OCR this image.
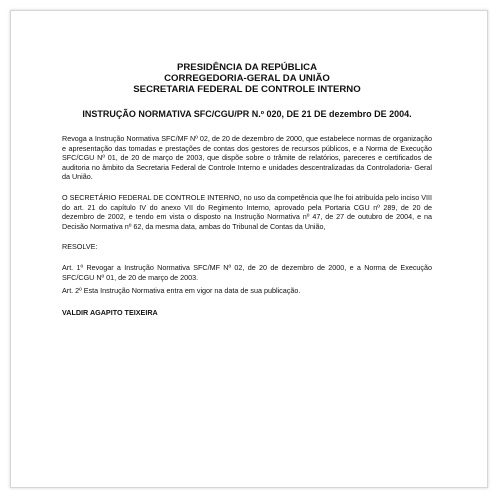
PRESIDÊNCIA DA REPÚBLICA
CORREGEDORIA-GERAL DA UNIÃO
SECRETARIA FEDERAL DE CONTROLE INTERNO
INSTRUÇÃO NORMATIVA SFC/CGU/PR N.º 020, DE 21 DE dezembro DE 2004.

Revoga a Instrução Normativa SFC/MF Nº 02, de 20 de dezembro de 2000, que estabelece normas de organização e apresentação das tomadas e prestações de contas dos gestores de recursos públicos, e a Norma de Execução SFC/CGU Nº 01, de 20 de março de 2003, que dispõe sobre o trâmite de relatórios, pareceres e certificados de auditoria no âmbito da Secretaria Federal de Controle Interno e unidades descentralizadas da Controladoria- Geral da União.

O SECRETÁRIO FEDERAL DE CONTROLE INTERNO, no uso da competência que lhe foi atribuída pelo inciso VIII do art. 21 do capítulo IV do anexo VII do Regimento Interno, aprovado pela Portaria CGU nº 289, de 20 de dezembro de 2002, e tendo em vista o disposto na Instrução Normativa nº 47, de 27 de outubro de 2004, e na Decisão Normativa nº 62, da mesma data, ambas do Tribunal de Contas da União,

RESOLVE:

Art. 1º Revogar a Instrução Normativa SFC/MF Nº 02, de 20 de dezembro de 2000, e a Norma de Execução SFC/CGU Nº 01, de 20 de março de 2003.

Art. 2º Esta Instrução Normativa entra em vigor na data de sua publicação.

VALDIR AGAPITO TEIXEIRA
